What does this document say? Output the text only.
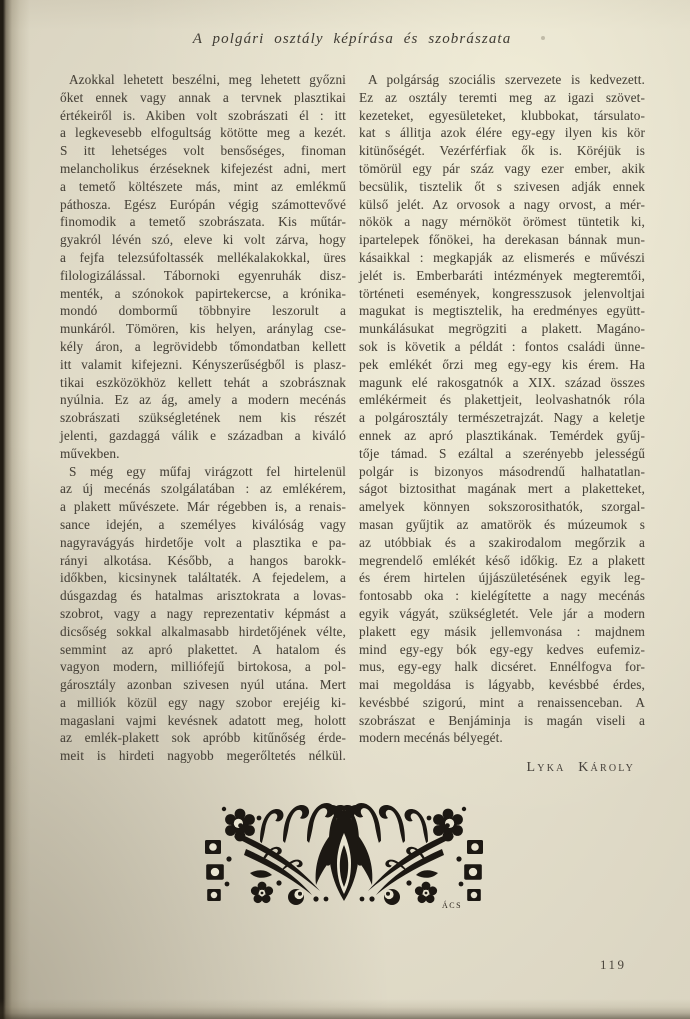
A polgári osztály képírása és szobrászata
Azokkal lehetett beszélni, meg lehetett győzni
őket ennek vagy annak a tervnek plasztikai
értékeiről is. Akiben volt szobrászati él : itt
a legkevesebb elfogultság kötötte meg a kezét.
S itt lehetséges volt bensőséges, finoman
melancholikus érzéseknek kifejezést adni, mert
a temető költészete más, mint az emlékmű
páthosza. Egész Európán végig számottevővé
finomodik a temető szobrászata. Kis műtár-
gyakról lévén szó, eleve ki volt zárva, hogy
a fejfa telezsúfoltassék mellékalakokkal, üres
filologizálással. Tábornoki egyenruhák disz-
menték, a szónokok papirtekercse, a krónika-
mondó dombormű többnyire leszorult a
munkáról. Tömören, kis helyen, aránylag cse-
kély áron, a legrövidebb tőmondatban kellett
itt valamit kifejezni. Kényszerűségből is plasz-
tikai eszközökhöz kellett tehát a szobrásznak
nyúlnia. Ez az ág, amely a modern mecénás
szobrászati szükségletének nem kis részét
jelenti, gazdaggá válik e században a kiváló
művekben.
S még egy műfaj virágzott fel hirtelenül
az új mecénás szolgálatában : az emlékérem,
a plakett művészete. Már régebben is, a renais-
sance idején, a személyes kiválóság vagy
nagyravágyás hirdetője volt a plasztika e pa-
rányi alkotása. Később, a hangos barokk-
időkben, kicsinynek találtaték. A fejedelem, a
dúsgazdag és hatalmas arisztokrata a lovas-
szobrot, vagy a nagy reprezentativ képmást a
dicsőség sokkal alkalmasabb hirdetőjének vélte,
semmint az apró plakettet. A hatalom és
vagyon modern, milliófejű birtokosa, a pol-
gárosztály azonban szivesen nyúl utána. Mert
a milliók közül egy nagy szobor erejéig ki-
magaslani vajmi kevésnek adatott meg, holott
az emlék-plakett sok apróbb kitűnőség érde-
meit is hirdeti nagyobb megerőltetés nélkül.
A polgárság szociális szervezete is kedvezett.
Ez az osztály teremti meg az igazi szövet-
kezeteket, egyesületeket, klubbokat, társulato-
kat s állitja azok élére egy-egy ilyen kis kör
kitünőségét. Vezérférfiak ők is. Köréjük is
tömörül egy pár száz vagy ezer ember, akik
becsülik, tisztelik őt s szivesen adják ennek
külső jelét. Az orvosok a nagy orvost, a mér-
nökök a nagy mérnököt örömest tüntetik ki,
ipartelepek főnökei, ha derekasan bánnak mun-
kásaikkal : megkapják az elismerés e művészi
jelét is. Emberbaráti intézmények megteremtői,
történeti események, kongresszusok jelenvoltjai
magukat is megtisztelik, ha eredményes együtt-
munkálásukat megrögziti a plakett. Magáno-
sok is követik a példát : fontos családi ünne-
pek emlékét őrzi meg egy-egy kis érem. Ha
magunk elé rakosgatnók a XIX. század összes
emlékérmeit és plakettjeit, leolvashatnók róla
a polgárosztály természetrajzát. Nagy a keletje
ennek az apró plasztikának. Temérdek gyűj-
tője támad. S ezáltal a szerényebb jelességű
polgár is bizonyos másodrendű halhatatlan-
ságot biztosithat magának mert a plaketteket,
amelyek könnyen sokszorosithatók, szorgal-
masan gyűjtik az amatörök és múzeumok s
az utóbbiak és a szakirodalom megőrzik a
megrendelő emlékét késő időkig. Ez a plakett
és érem hirtelen újjászületésének egyik leg-
fontosabb oka : kielégítette a nagy mecénás
egyik vágyát, szükségletét. Vele jár a modern
plakett egy másik jellemvonása : majdnem
mind egy-egy bók egy-egy kedves eufemiz-
mus, egy-egy halk dicséret. Ennélfogva for-
mai megoldása is lágyabb, kevésbbé érdes,
kevésbbé szigorú, mint a renaissenceban. A
szobrászat e Benjáminja is magán viseli a
modern mecénás bélyegét.
Lyka Károly
ÁCS
119
